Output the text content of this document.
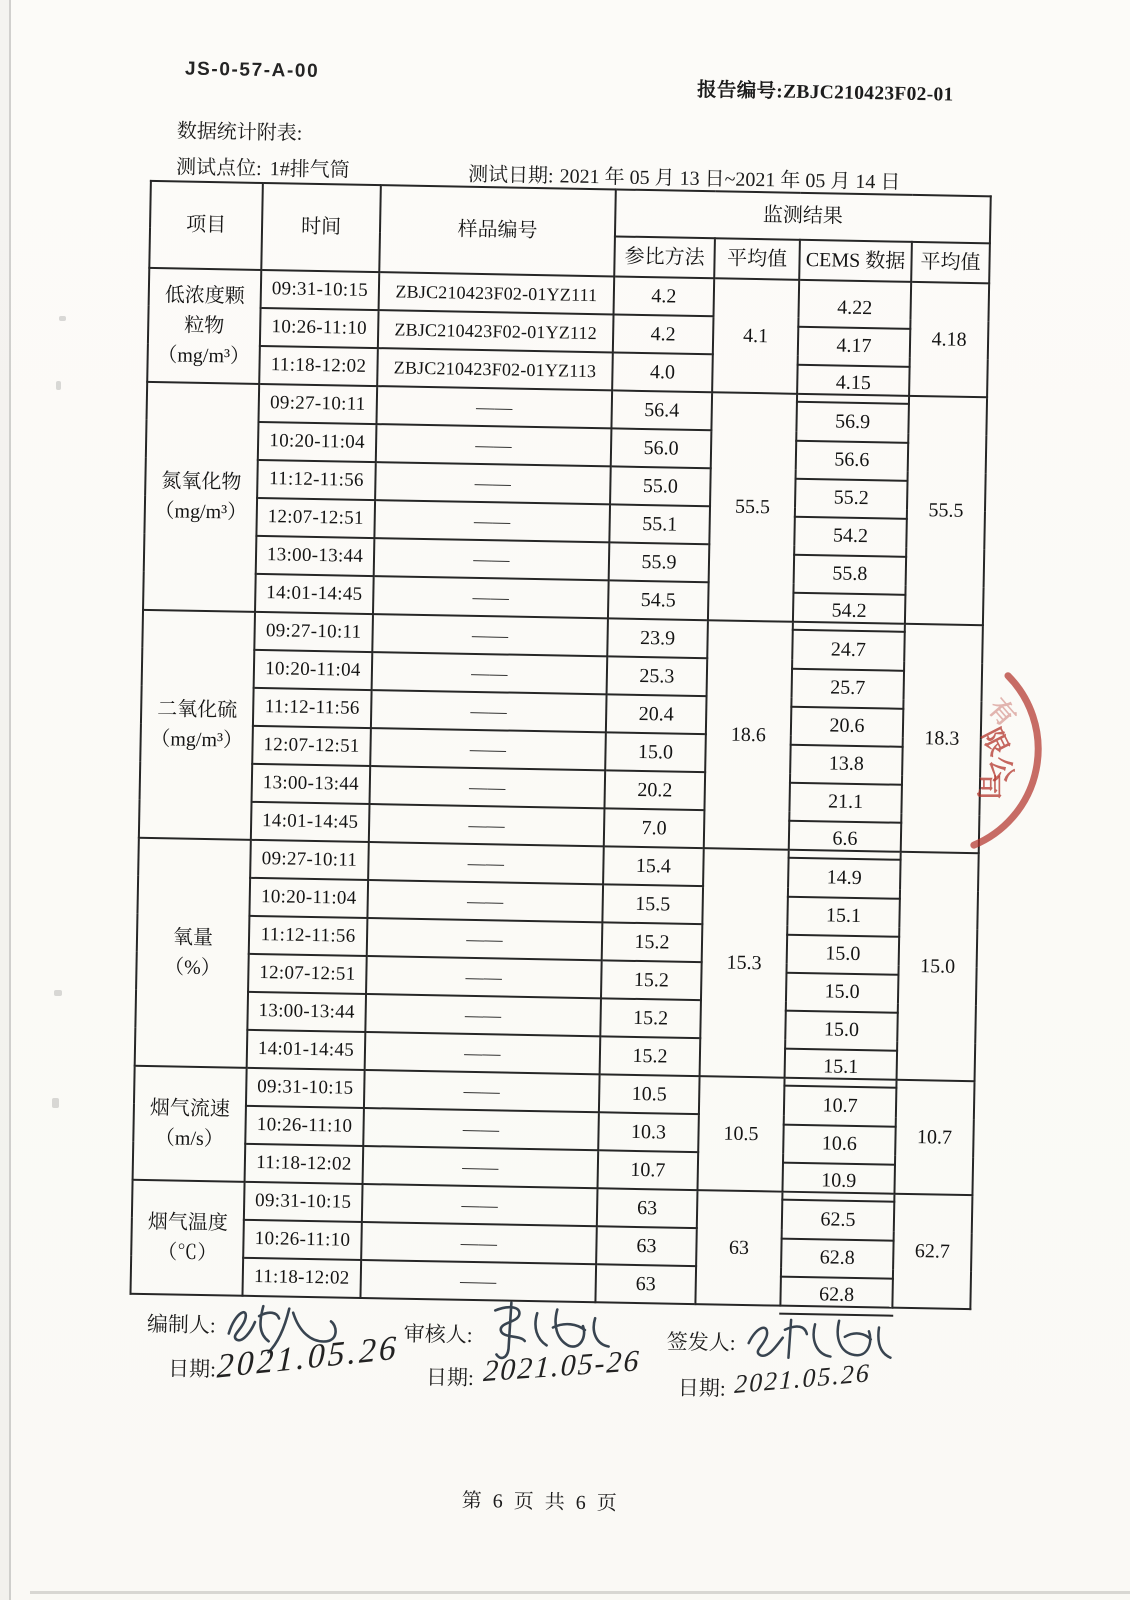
JS-0-57-A-00
报告编号:ZBJC210423F02-01
数据统计附表:
测试点位: 1#排气筒	测试日期: 2021 年 05 月 13 日~2021 年 05 月 14 日
项目	时间	样品编号	监测结果			
			参比方法	平均值	CEMS 数据	平均值

低浓度颗粒物
（mg/m³）	09:31-10:15	ZBJC210423F02-01YZ111	4.2	4.1	4.22	4.18
	10:26-11:10	ZBJC210423F02-01YZ112	4.2		4.17	
	11:18-12:02	ZBJC210423F02-01YZ113	4.0		4.15	

氮氧化物
（mg/m³）	09:27-10:11	——	56.4	55.5	56.9	55.5
	10:20-11:04	——	56.0		56.6	
	11:12-11:56	——	55.0		55.2	
	12:07-12:51	——	55.1		54.2	
	13:00-13:44	——	55.9		55.8	
	14:01-14:45	——	54.5		54.2	

二氧化硫
（mg/m³）	09:27-10:11	——	23.9	18.6	24.7	18.3
	10:20-11:04	——	25.3		25.7	
	11:12-11:56	——	20.4		20.6	
	12:07-12:51	——	15.0		13.8	
	13:00-13:44	——	20.2		21.1	
	14:01-14:45	——	7.0		6.6	

氧量
（%）	09:27-10:11	——	15.4	15.3	14.9	15.0
	10:20-11:04	——	15.5		15.1	
	11:12-11:56	——	15.2		15.0	
	12:07-12:51	——	15.2		15.0	
	13:00-13:44	——	15.2		15.0	
	14:01-14:45	——	15.2		15.1	

烟气流速
（m/s）	09:31-10:15	——	10.5	10.5	10.7	10.7
	10:26-11:10	——	10.3		10.6	
	11:18-12:02	——	10.7		10.9	

烟气温度
（℃）	09:31-10:15	——	63	63	62.5	62.7
	10:26-11:10	——	63		62.8	
	11:18-12:02	——	63		62.8	
编制人:	审核人:	签发人:
日期: 2021.05.26 日期: 2021.05-26
日期: 2021.05.26
第 6 页 共 6 页
有
限
公
司
